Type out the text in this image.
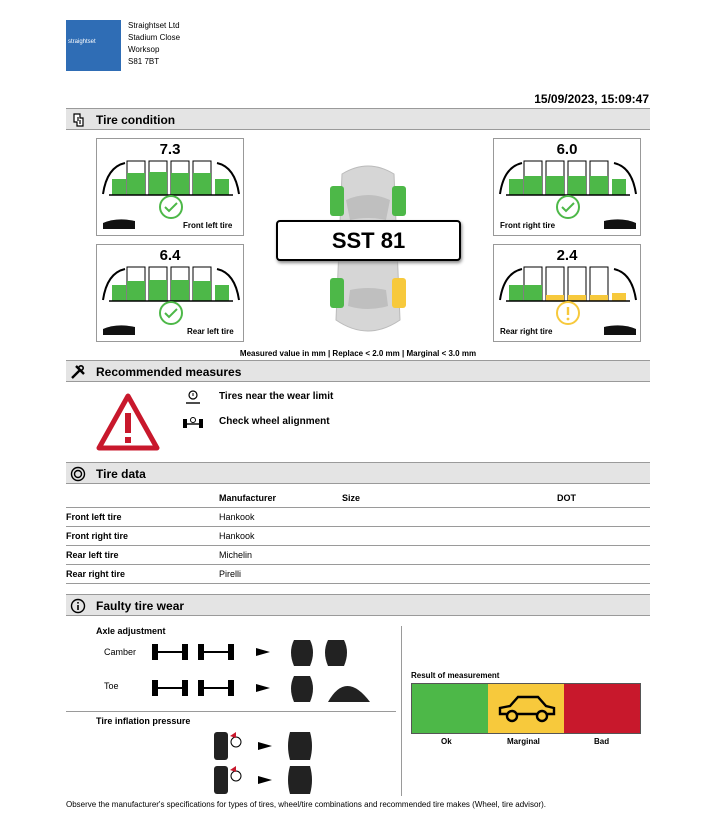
straightset
Straightset Ltd
Stadium Close
Worksop
S81 7BT
15/09/2023, 15:09:47
Tire condition
7.3
Front left tire
6.4
Rear left tire
6.0
Front right tire
2.4
Rear right tire
SST 81
Measured value in mm | Replace < 2.0 mm | Marginal < 3.0 mm
Recommended measures
Tires near the wear limit
Check wheel alignment
Tire data
	Manufacturer	Size	DOT
Front left tire	Hankook		
Front right tire	Hankook		
Rear left tire	Michelin		
Rear right tire	Pirelli		
Faulty tire wear
Axle adjustment
Camber
Toe
Tire inflation pressure
Result of measurement
Ok	Marginal	Bad
Observe the manufacturer's specifications for types of tires, wheel/tire combinations and recommended tire makes (Wheel, tire advisor).
